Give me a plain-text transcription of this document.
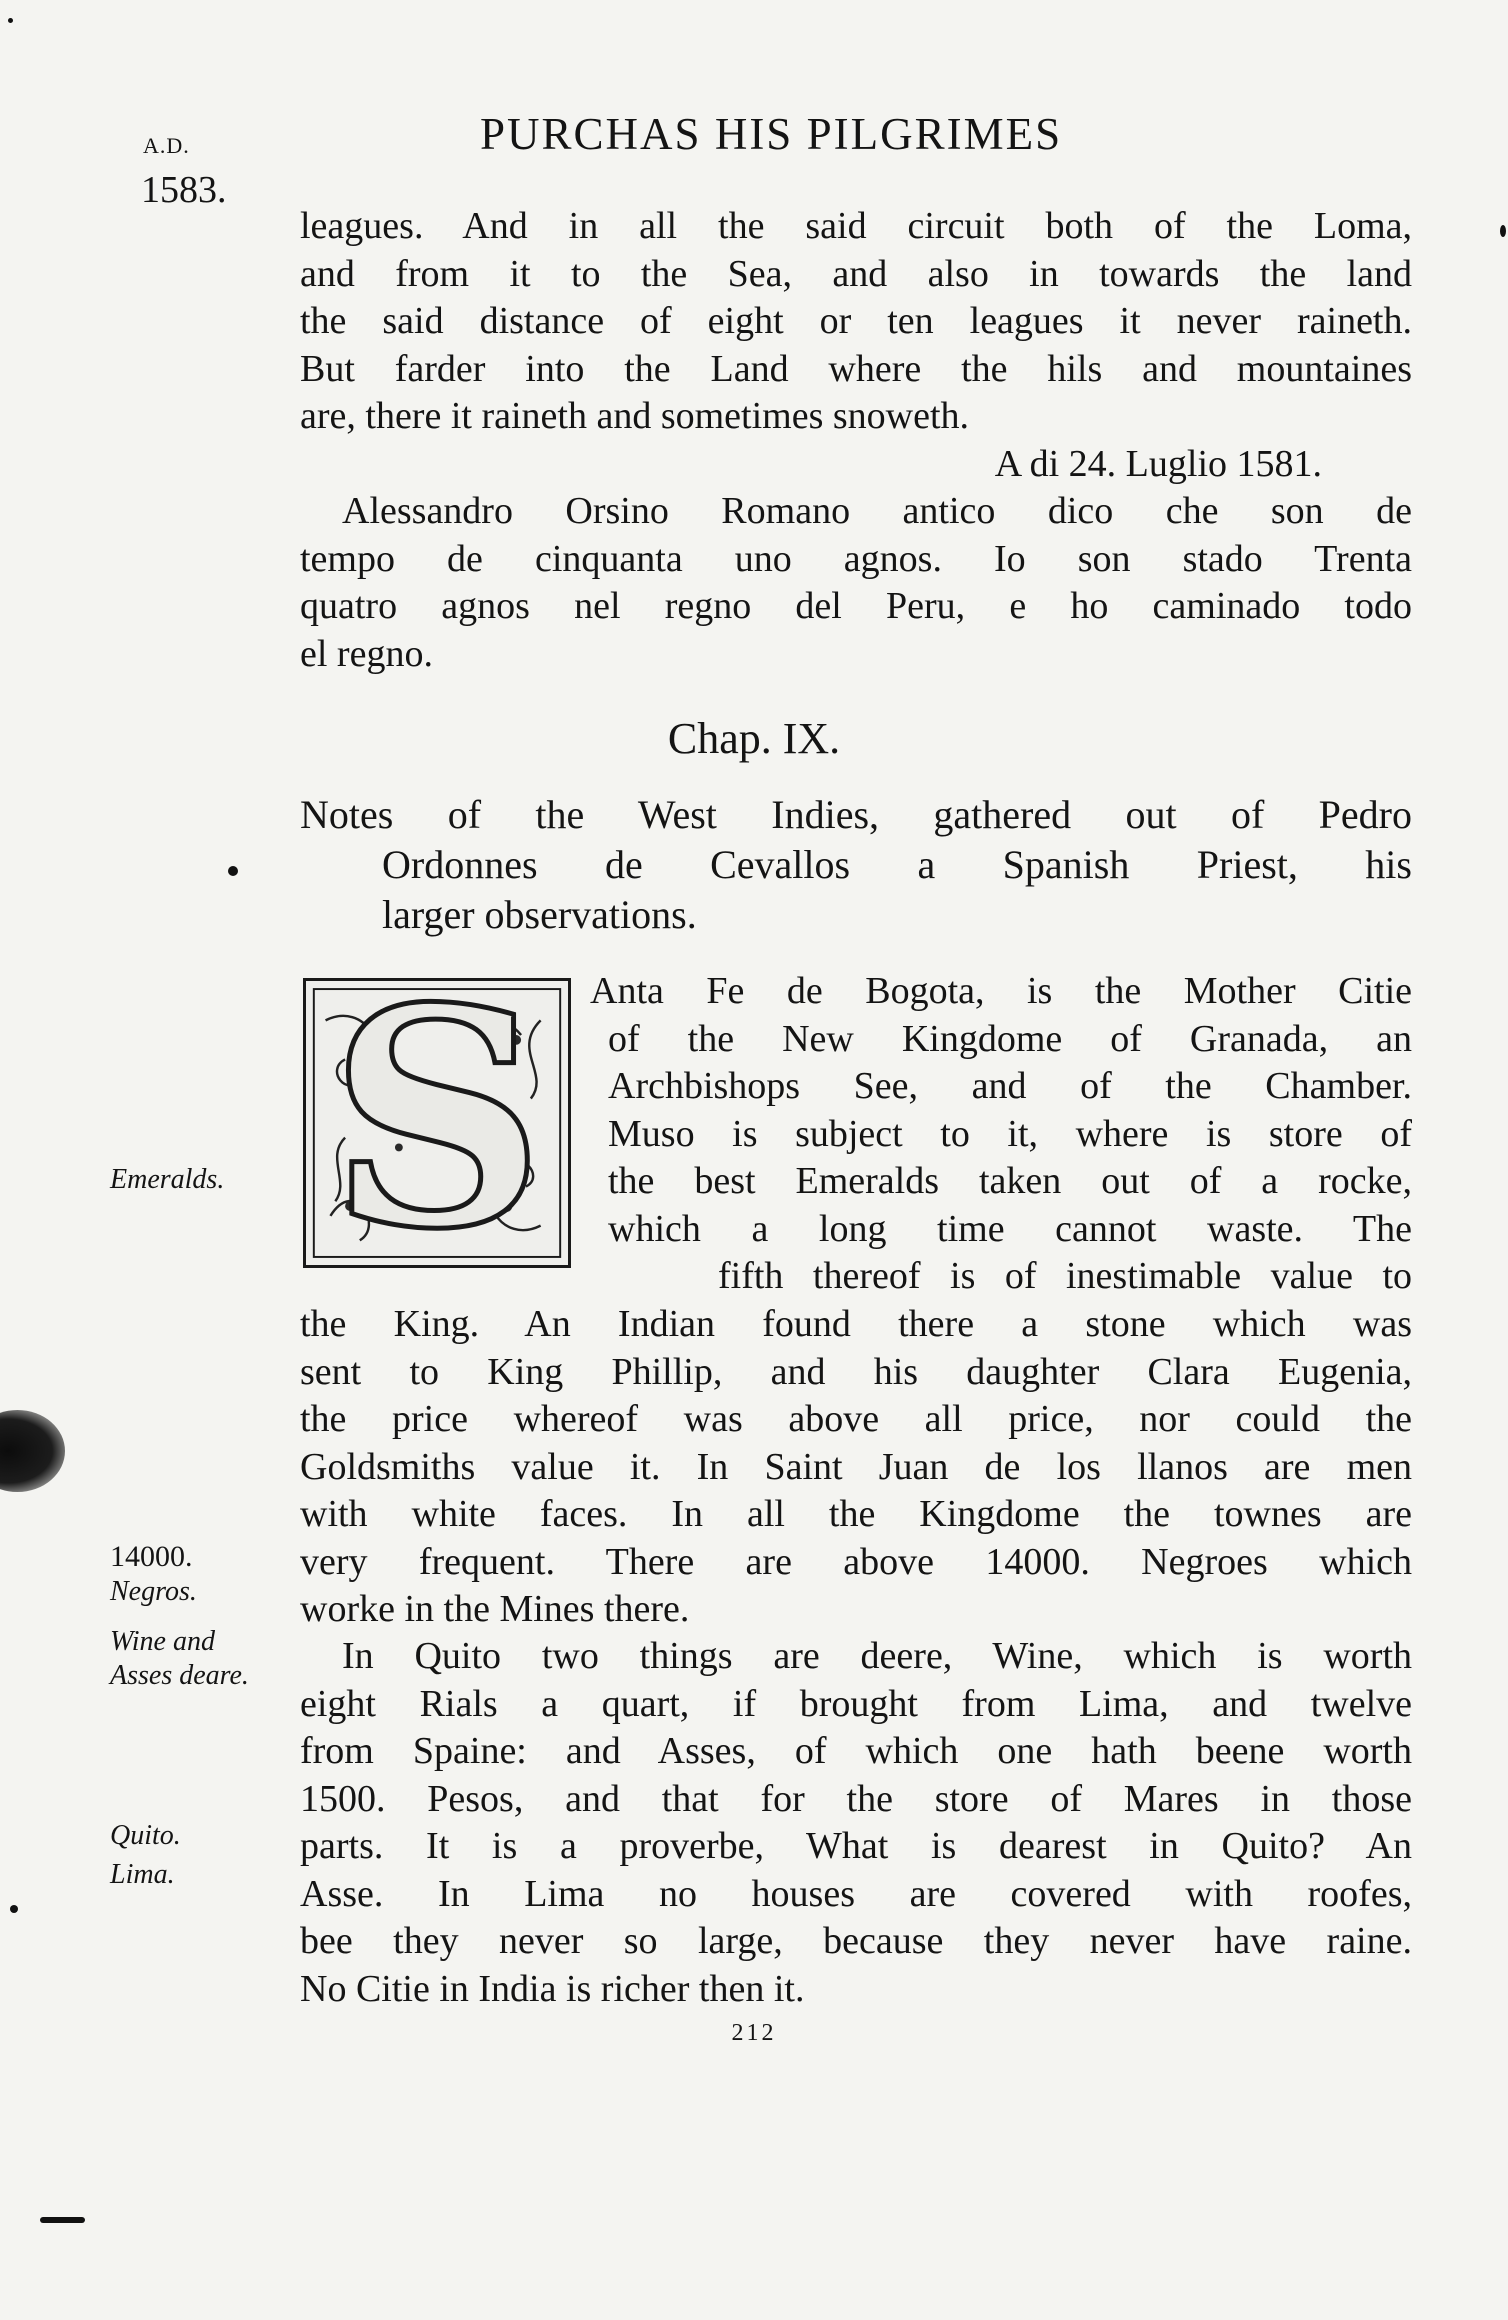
A.D.
1583.
PURCHAS HIS PILGRIMES
leagues. And in all the said circuit both of the Loma,
and from it to the Sea, and also in towards the land
the said distance of eight or ten leagues it never raineth.
But farder into the Land where the hils and mountaines
are, there it raineth and sometimes snoweth.
A di 24. Luglio 1581.
Alessandro Orsino Romano antico dico che son de
tempo de cinquanta uno agnos. Io son stado Trenta
quatro agnos nel regno del Peru, e ho caminado todo
el regno.
Chap. IX.
Notes of the West Indies, gathered out of Pedro
Ordonnes de Cevallos a Spanish Priest, his
larger observations.
S	Anta Fe de Bogota, is the Mother Citie
of the New Kingdome of Granada, an
Archbishops See, and of the Chamber.
Muso is subject to it, where is store of
the best Emeralds taken out of a rocke,
which a long time cannot waste. The
fifth thereof is of inestimable value to
the King. An Indian found there a stone which was
sent to King Phillip, and his daughter Clara Eugenia,
the price whereof was above all price, nor could the
Goldsmiths value it. In Saint Juan de los llanos are men
with white faces. In all the Kingdome the townes are
very frequent. There are above 14000. Negroes which
worke in the Mines there.
In Quito two things are deere, Wine, which is worth
eight Rials a quart, if brought from Lima, and twelve
from Spaine: and Asses, of which one hath beene worth
1500. Pesos, and that for the store of Mares in those
parts. It is a proverbe, What is dearest in Quito? An
Asse. In Lima no houses are covered with roofes,
bee they never so large, because they never have raine.
No Citie in India is richer then it.
Emeralds.
14000.
Negros.
Wine and
Asses deare.
Quito.
Lima.
212
